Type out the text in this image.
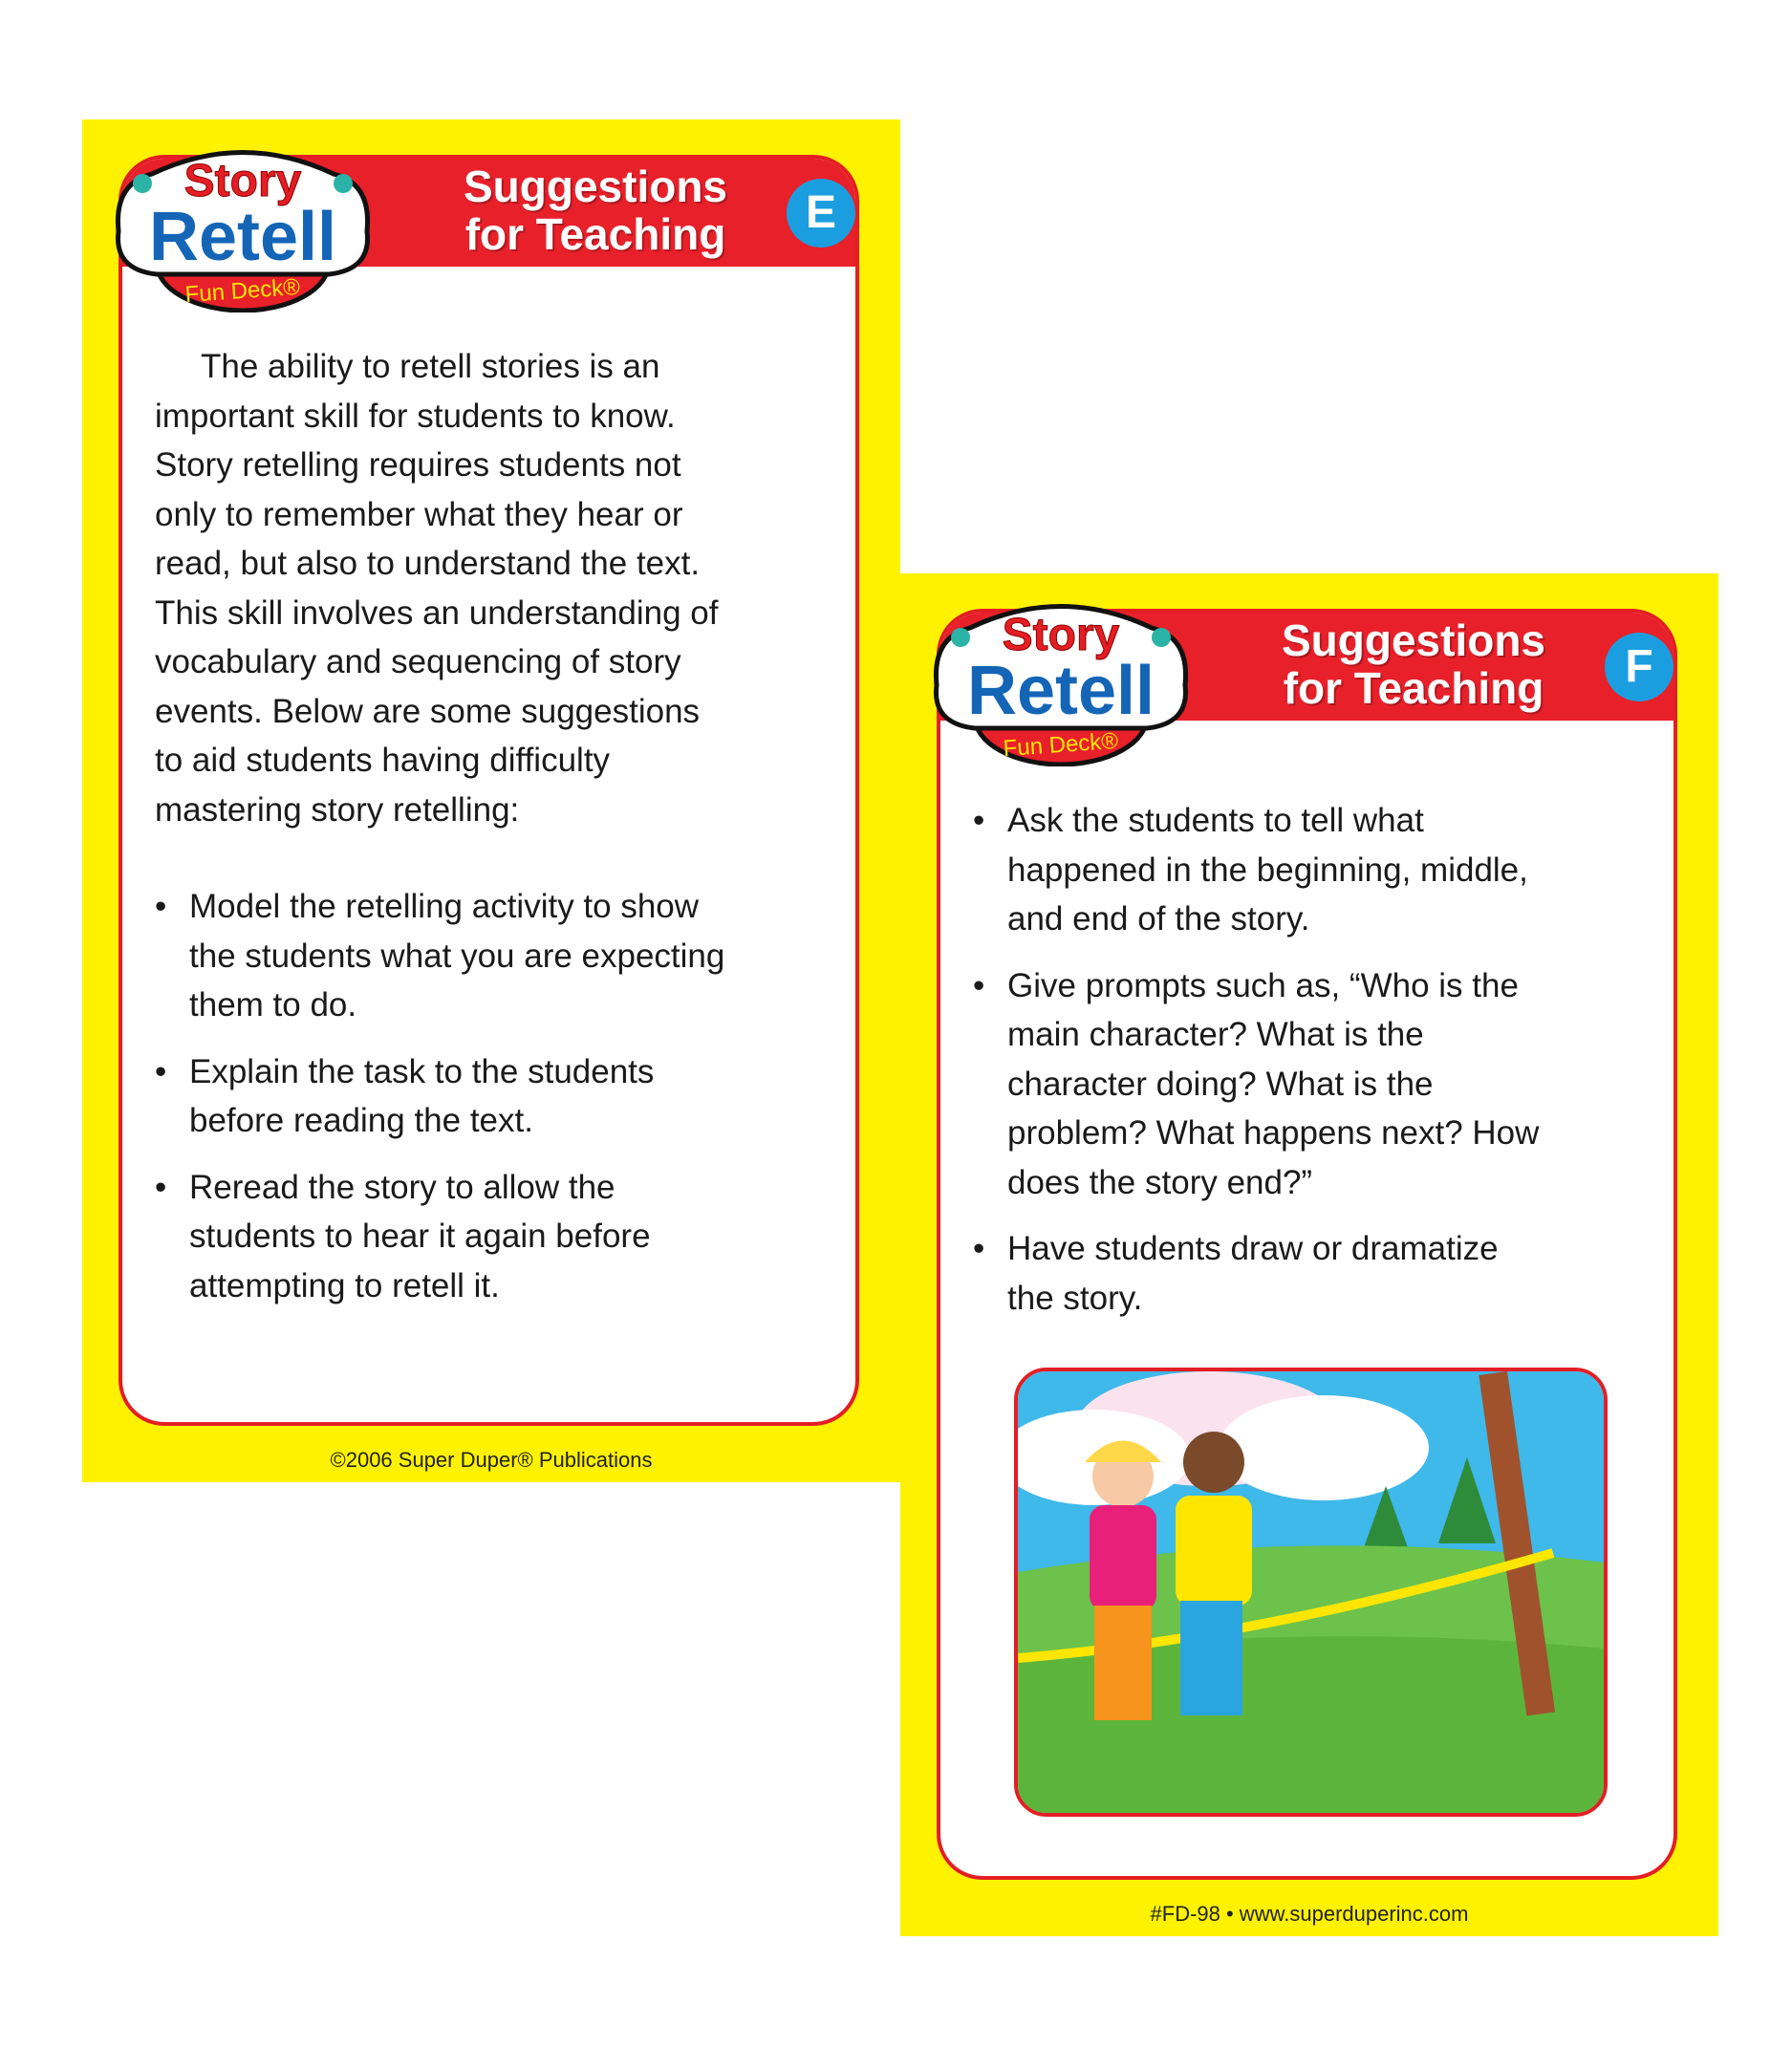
Suggestions
for Teaching	E
The ability to retell stories is an
important skill for students to know.
Story retelling requires students not
only to remember what they hear or
read, but also to understand the text.
This skill involves an understanding of
vocabulary and sequencing of story
events. Below are some suggestions
to aid students having difficulty
mastering story retelling:
• Model the retelling activity to show
the students what you are expecting
them to do.
• Explain the task to the students
before reading the text.
• Reread the story to allow the
students to hear it again before
attempting to retell it.
Story
Retell
Fun Deck®
©2006 Super Duper® Publications
Suggestions
for Teaching	F
• Ask the students to tell what
happened in the beginning, middle,
and end of the story.
• Give prompts such as, “Who is the
main character? What is the
character doing? What is the
problem? What happens next? How
does the story end?”
• Have students draw or dramatize
the story.
Story
Retell
Fun Deck®
#FD-98 • www.superduperinc.com
